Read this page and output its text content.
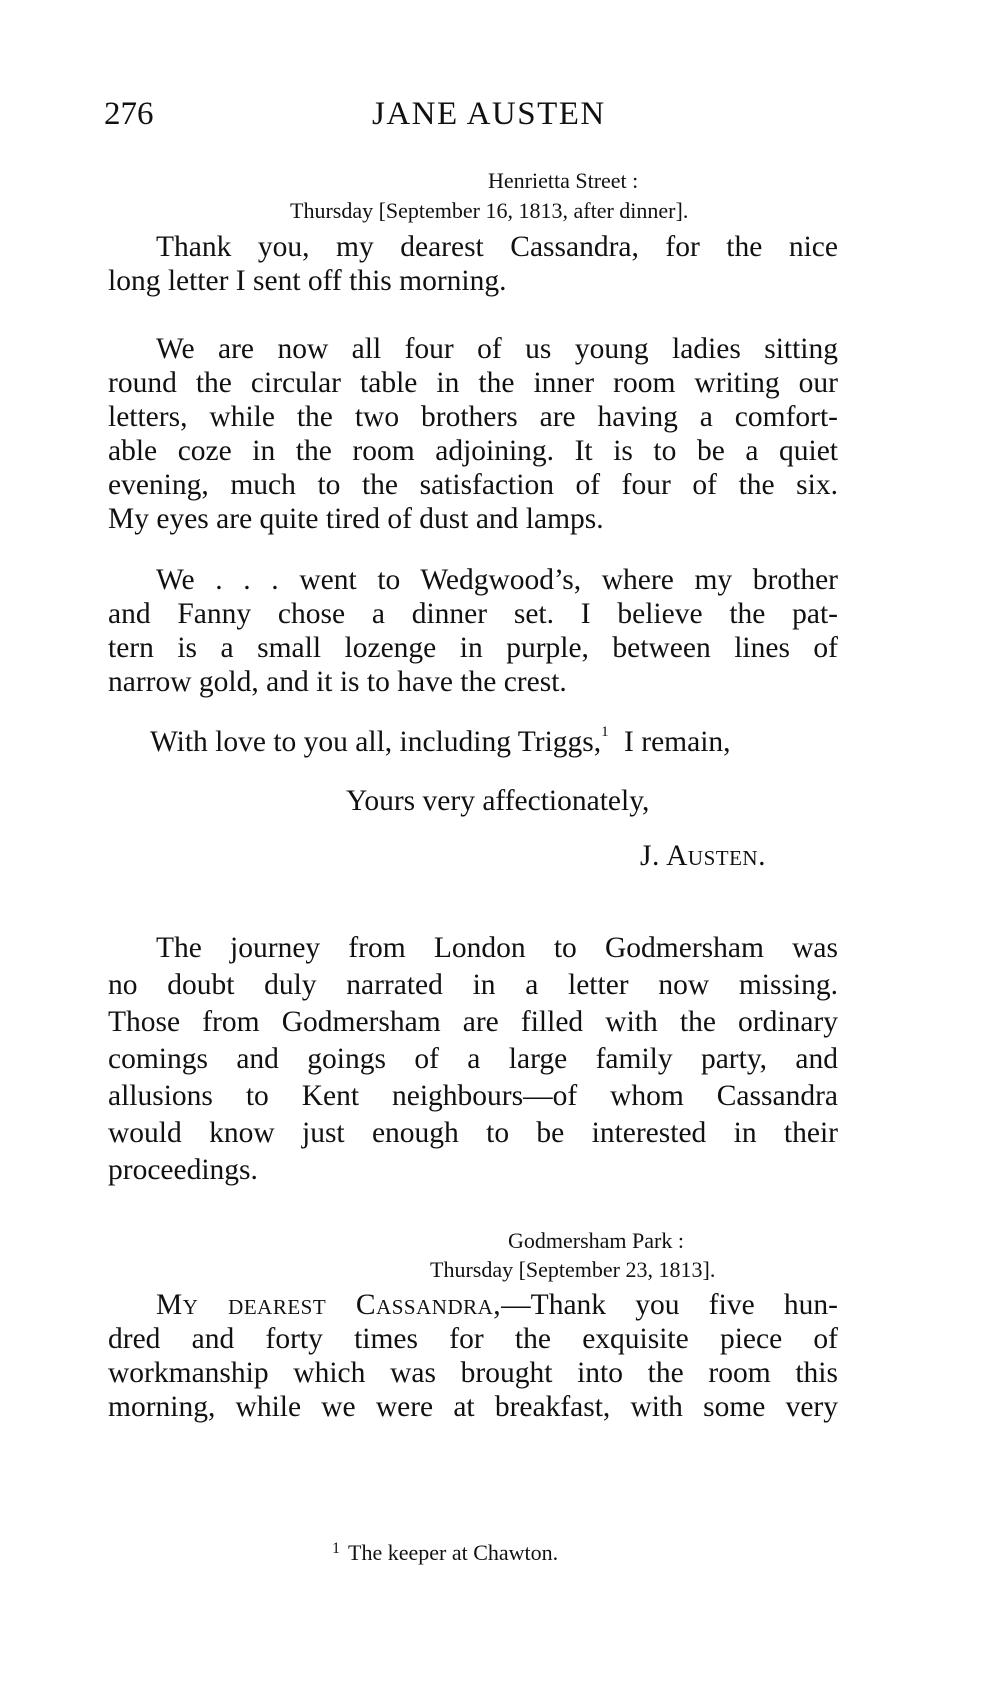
276	JANE AUSTEN
Henrietta Street :
Thursday [September 16, 1813, after dinner].
Thank you, my dearest Cassandra, for the nice
long letter I sent off this morning.
We are now all four of us young ladies sitting
round the circular table in the inner room writing our
letters, while the two brothers are having a comfort-
able coze in the room adjoining. It is to be a quiet
evening, much to the satisfaction of four of the six.
My eyes are quite tired of dust and lamps.
We . . . went to Wedgwood’s, where my brother
and Fanny chose a dinner set. I believe the pat-
tern is a small lozenge in purple, between lines of
narrow gold, and it is to have the crest.
With love to you all, including Triggs,$^1$ I remain,
Yours very affectionately,
J. Austen.
The journey from London to Godmersham was
no doubt duly narrated in a letter now missing.
Those from Godmersham are filled with the ordinary
comings and goings of a large family party, and
allusions to Kent neighbours—of whom Cassandra
would know just enough to be interested in their
proceedings.
Godmersham Park :
Thursday [September 23, 1813].
My dearest Cassandra,—Thank you five hun-
dred and forty times for the exquisite piece of
workmanship which was brought into the room this
morning, while we were at breakfast, with some very
$^1$ The keeper at Chawton.
